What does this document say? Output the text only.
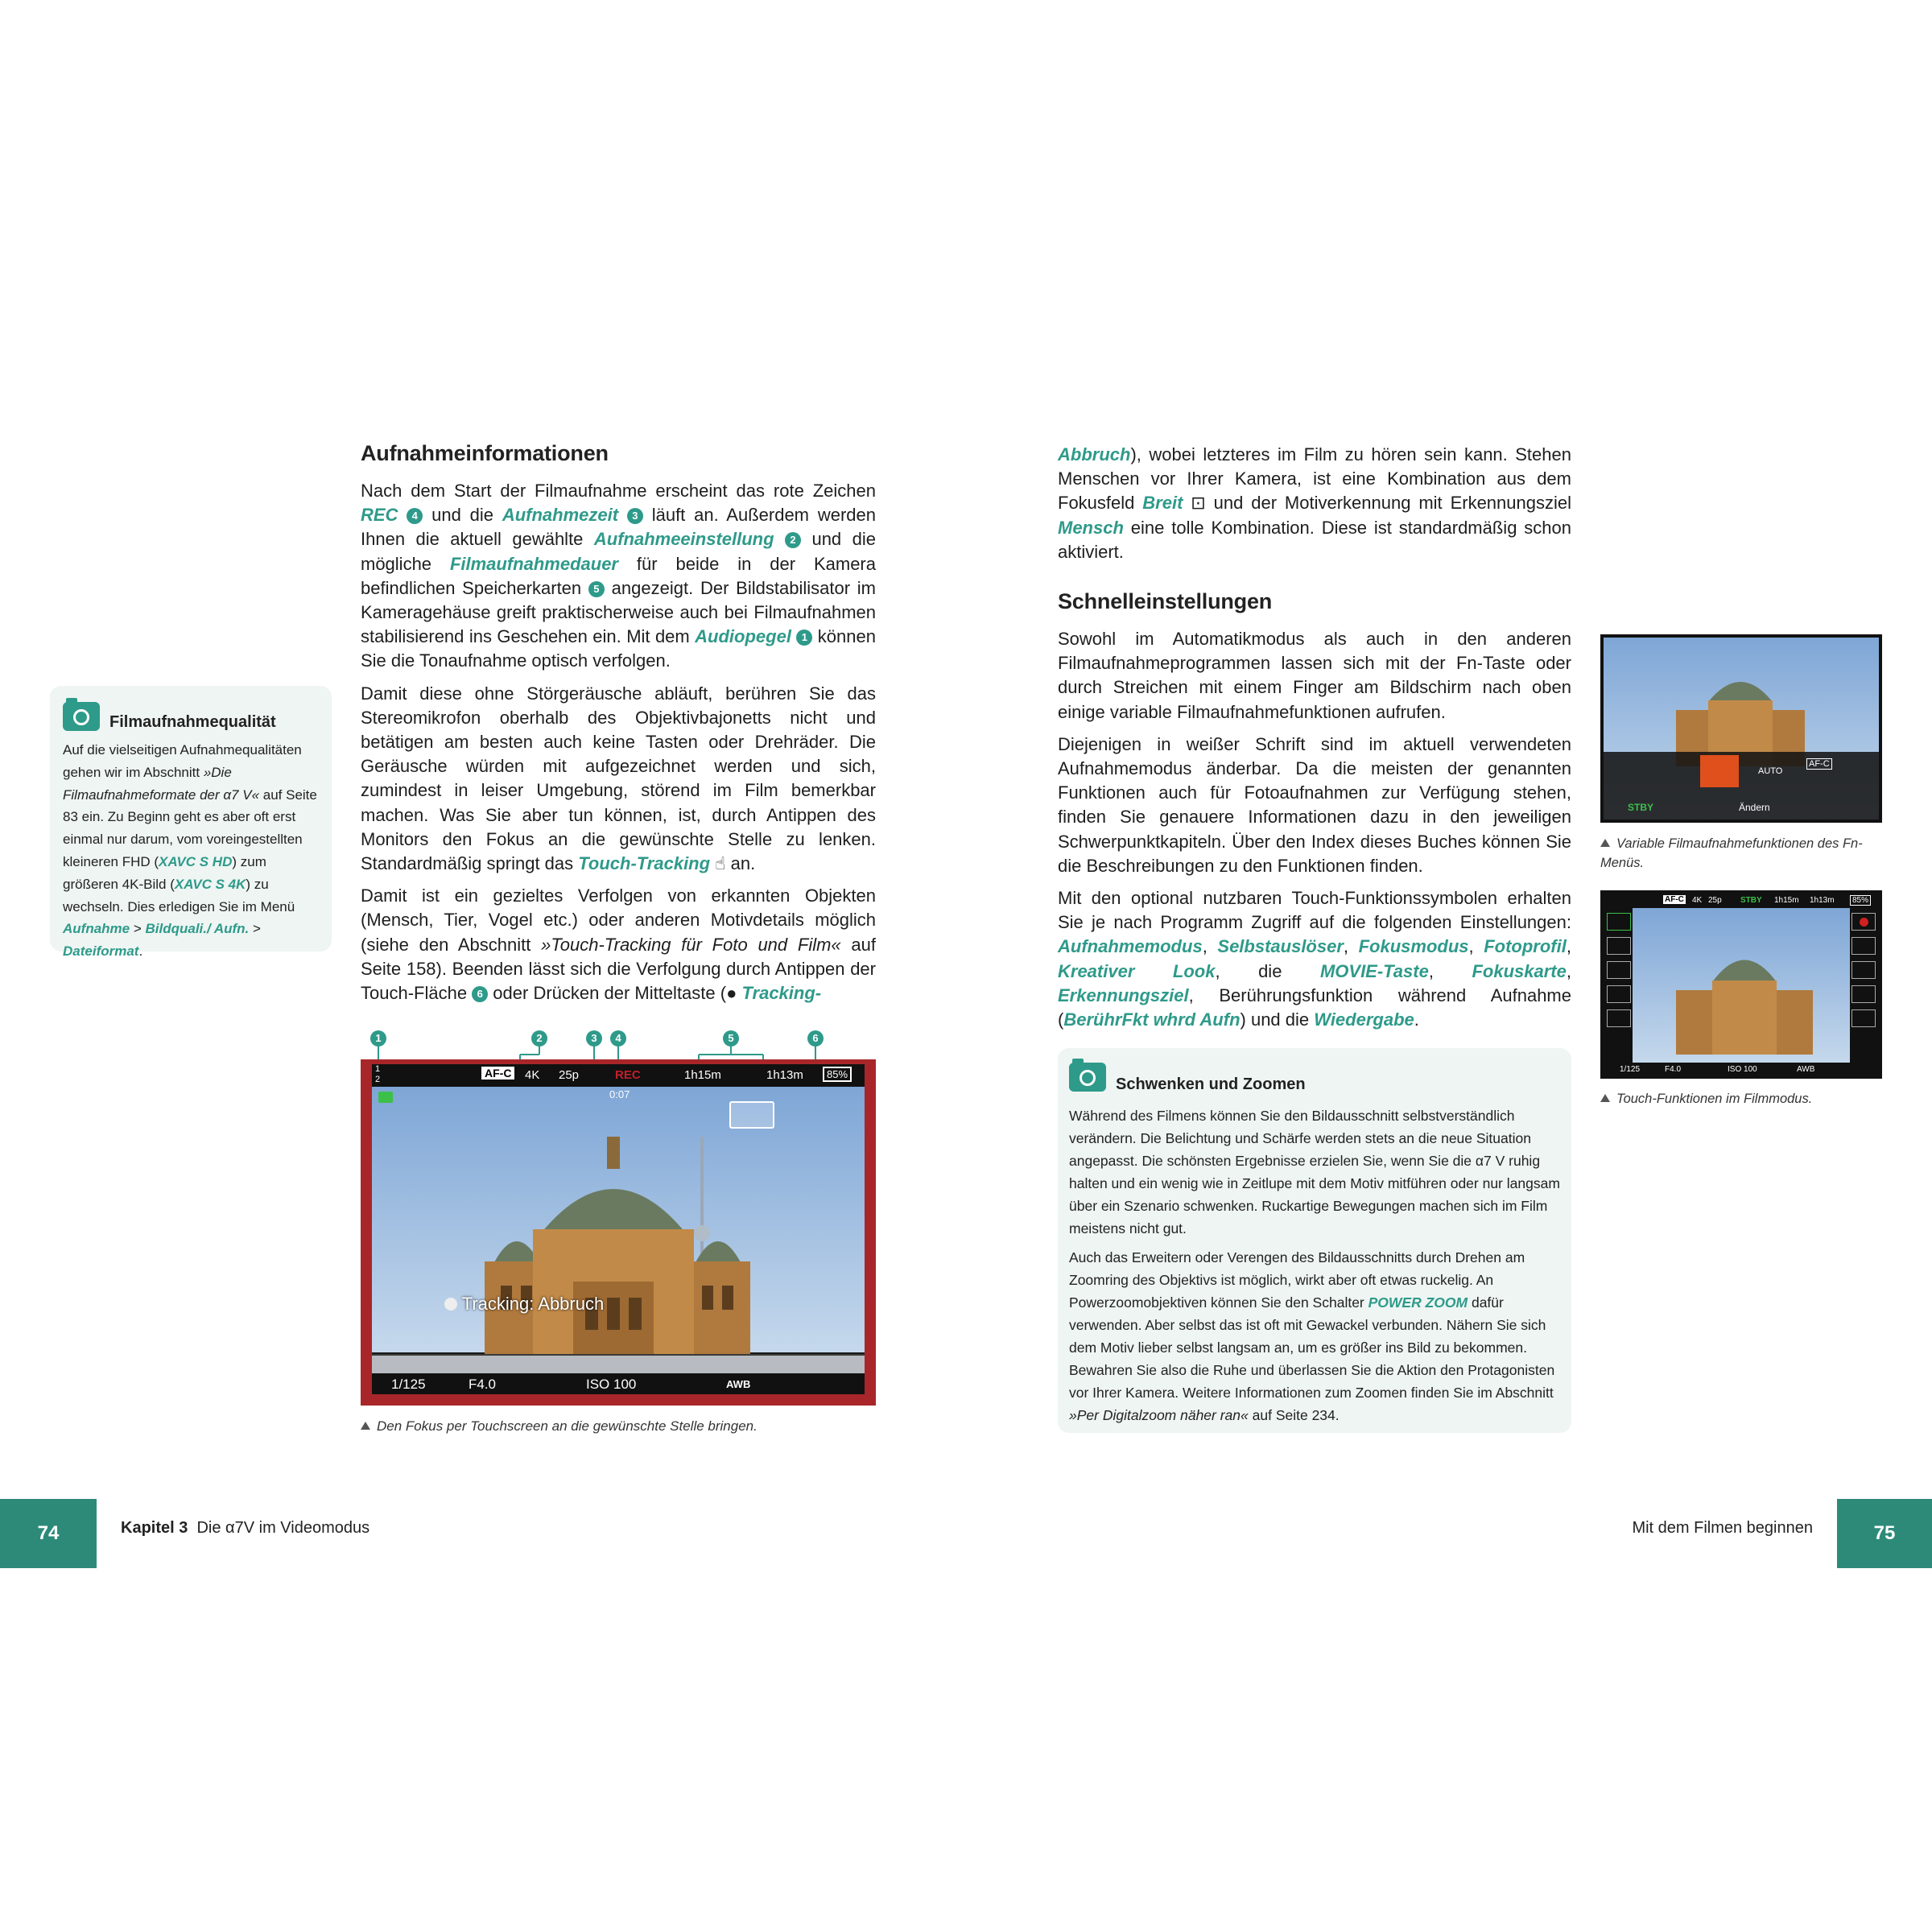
Aufnahmeinformationen

Nach dem Start der Filmaufnahme erscheint das rote Zeichen REC 4 und die Aufnahmezeit 3 läuft an. Außerdem werden Ihnen die aktuell gewählte Aufnahmeeinstellung 2 und die mögliche Filmaufnahmedauer für beide in der Kamera befindlichen Speicherkarten 5 angezeigt. Der Bildstabilisator im Kameragehäuse greift praktischerweise auch bei Filmaufnahmen stabilisierend ins Geschehen ein. Mit dem Audiopegel 1 können Sie die Tonaufnahme optisch verfolgen.

Damit diese ohne Störgeräusche abläuft, berühren Sie das Stereomikrofon oberhalb des Objektivbajonetts nicht und betätigen am besten auch keine Tasten oder Drehräder. Die Geräusche würden mit aufgezeichnet werden und sich, zumindest in leiser Umgebung, störend im Film bemerkbar machen. Was Sie aber tun können, ist, durch Antippen des Monitors den Fokus an die gewünschte Stelle zu lenken. Standardmäßig springt das Touch-Tracking ☝ an.

Damit ist ein gezieltes Verfolgen von erkannten Objekten (Mensch, Tier, Vogel etc.) oder anderen Motivdetails möglich (siehe den Abschnitt »Touch-Tracking für Foto und Film« auf Seite 158). Beenden lässt sich die Verfolgung durch Antippen der Touch-Fläche 6 oder Drücken der Mitteltaste (● Tracking-

Filmaufnahmequalität
Auf die vielseitigen Aufnahmequalitäten gehen wir im Abschnitt »Die Filmaufnahmeformate der α7 V« auf Seite 83 ein. Zu Beginn geht es aber oft erst einmal nur darum, vom voreingestellten kleineren FHD (XAVC S HD) zum größeren 4K-Bild (XAVC S 4K) zu wechseln. Dies erledigen Sie im Menü Aufnahme > Bildquali./ Aufn. > Dateiformat.
1	2	3	4	5	6
1
2	AF-C 4K 25p	REC	1h15m	1h13m	85%
0:07
Tracking: Abbruch
1/125	F4.0	ISO 100	AWB
Den Fokus per Touchscreen an die gewünschte Stelle bringen.
74	Kapitel 3 Die α7V im Videomodus
Abbruch), wobei letzteres im Film zu hören sein kann. Stehen Menschen vor Ihrer Kamera, ist eine Kombination aus dem Fokusfeld Breit ⊡ und der Motiverkennung mit Erkennungsziel Mensch eine tolle Kombination. Diese ist standardmäßig schon aktiviert.
Schnelleinstellungen

Sowohl im Automatikmodus als auch in den anderen Filmaufnahmeprogrammen lassen sich mit der Fn-Taste oder durch Streichen mit einem Finger am Bildschirm nach oben einige variable Filmaufnahmefunktionen aufrufen.

Diejenigen in weißer Schrift sind im aktuell verwendeten Aufnahmemodus änderbar. Da die meisten der genannten Funktionen auch für Fotoaufnahmen zur Verfügung stehen, finden Sie genauere Informationen dazu in den jeweiligen Schwerpunktkapiteln. Über den Index dieses Buches können Sie die Beschreibungen zu den Funktionen finden.

Mit den optional nutzbaren Touch-Funktionssymbolen erhalten Sie je nach Programm Zugriff auf die folgenden Einstellungen: Aufnahmemodus, Selbstauslöser, Fokusmodus, Fotoprofil, Kreativer Look, die MOVIE-Taste, Fokuskarte, Erkennungsziel, Berührungsfunktion während Aufnahme (BerührFkt whrd Aufn) und die Wiedergabe.

Schwenken und Zoomen

Während des Filmens können Sie den Bildausschnitt selbstverständlich verändern. Die Belichtung und Schärfe werden stets an die neue Situation angepasst. Die schönsten Ergebnisse erzielen Sie, wenn Sie die α7 V ruhig halten und ein wenig wie in Zeitlupe mit dem Motiv mitführen oder nur langsam über ein Szenario schwenken. Ruckartige Bewegungen machen sich im Film meistens nicht gut.

Auch das Erweitern oder Verengen des Bildausschnitts durch Drehen am Zoomring des Objektivs ist möglich, wirkt aber oft etwas ruckelig. An Powerzoomobjektiven können Sie den Schalter POWER ZOOM dafür verwenden. Aber selbst das ist oft mit Gewackel verbunden. Nähern Sie sich dem Motiv lieber selbst langsam an, um es größer ins Bild zu bekommen. Bewahren Sie also die Ruhe und überlassen Sie die Aktion den Protagonisten vor Ihrer Kamera. Weitere Informationen zum Zoomen finden Sie im Abschnitt »Per Digitalzoom näher ran« auf Seite 234.

AUTO
AF-C
STBY	Ändern
Variable Filmaufnahmefunktionen des Fn-Menüs.
AF-C 4K 25p STBY 1h15m 1h13m	85%
1/125	F4.0	ISO 100	AWB
Touch-Funktionen im Filmmodus.
Mit dem Filmen beginnen	75
